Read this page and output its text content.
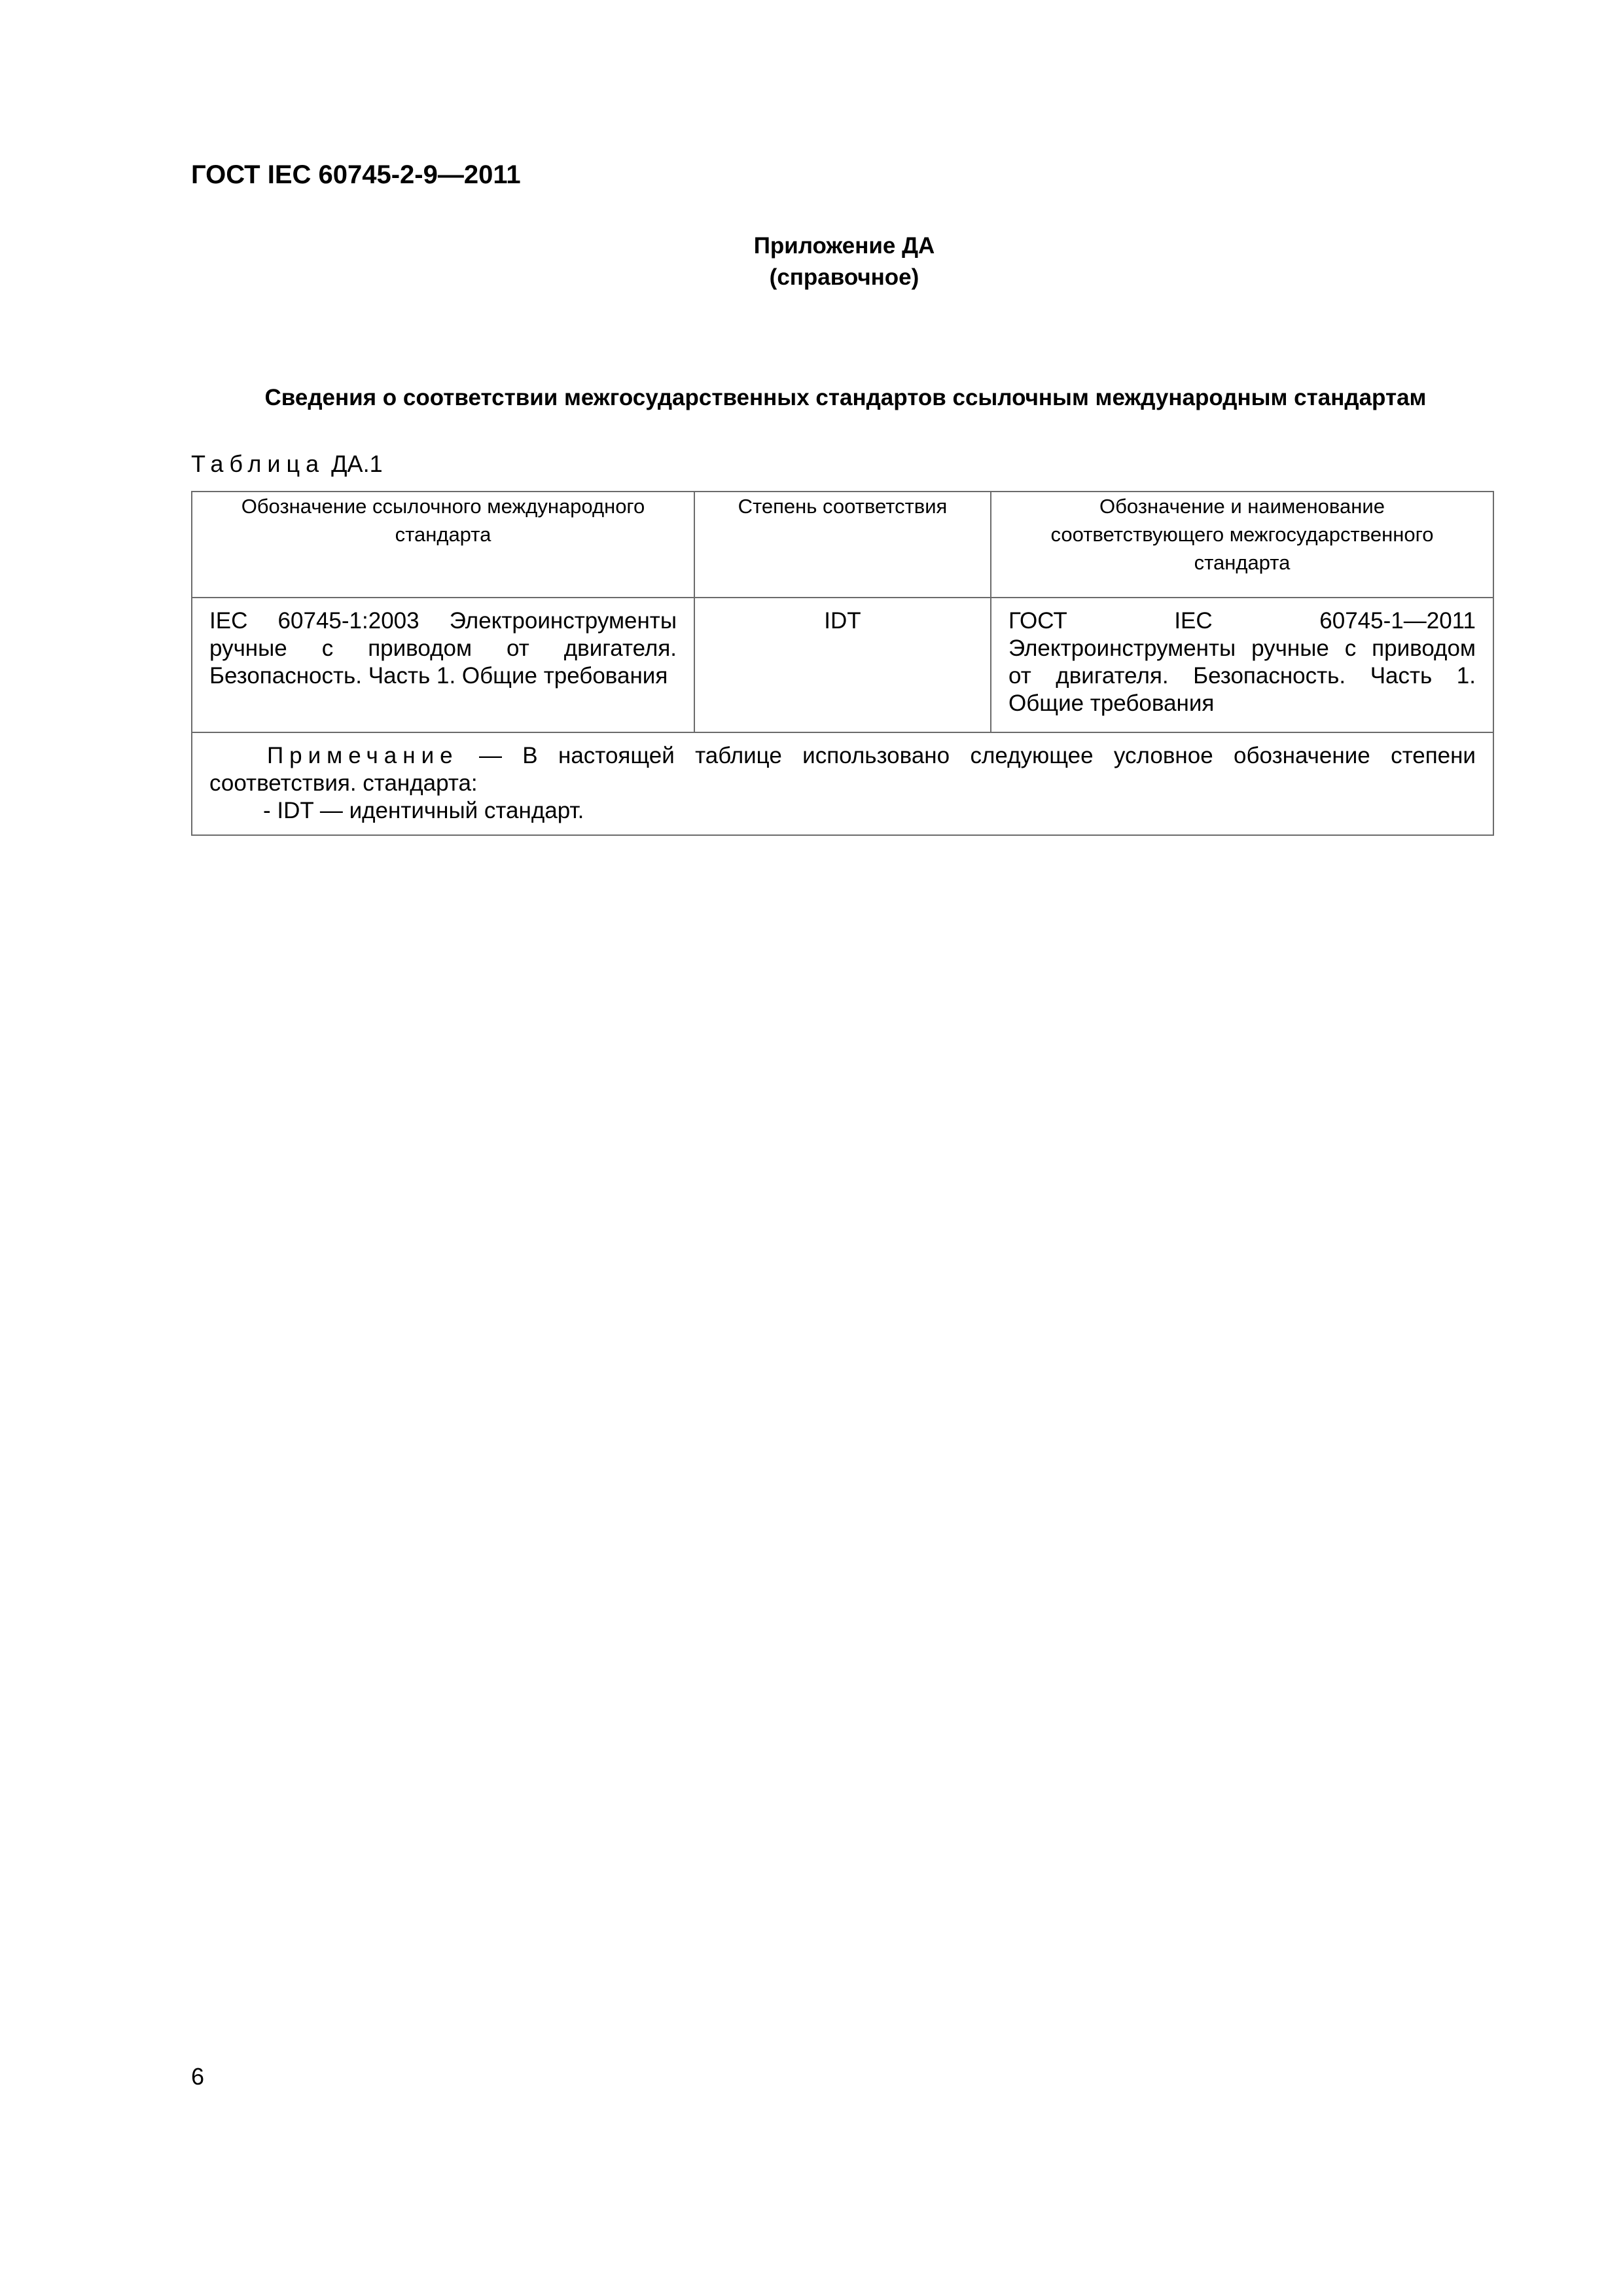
ГОСТ IEC 60745-2-9—2011
Приложение ДА
(справочное)
Сведения о соответствии межгосударственных стандартов ссылочным международным стандартам
Таблица ДА.1
Обозначение ссылочного международного стандарта	Степень соответствия	Обозначение и наименование соответствующего межгосударственного стандарта
IEC 60745-1:2003 Электроинструменты ручные с приводом от двигателя. Безопасность. Часть 1. Общие требования	IDT	ГОСТ IEC 60745-1—2011 Электроинструменты ручные с приводом от двигателя. Безопасность. Часть 1. Общие требования

Примечание — В настоящей таблице использовано следующее условное обозначение степени соответствия. стандарта:
- IDT — идентичный стандарт.		
6
